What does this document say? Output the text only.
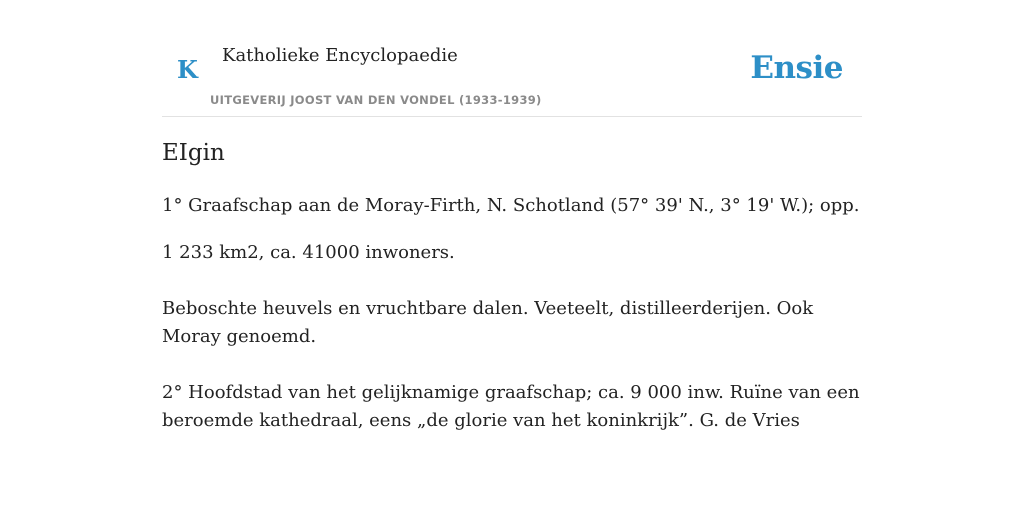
K Katholieke Encyclopaedie
UITGEVERIJ JOOST VAN DEN VONDEL (1933-1939)
Ensie
EIgin

1° Graafschap aan de Moray-Firth, N. Schotland (57° 39' N., 3° 19' W.); opp.

1 233 km2, ca. 41000 inwoners.

Beboschte heuvels en vruchtbare dalen. Veeteelt, distilleerderijen. Ook Moray genoemd.

2° Hoofdstad van het gelijknamige graafschap; ca. 9 000 inw. Ruïne van een beroemde kathedraal, eens „de glorie van het koninkrijk”. G. de Vries
